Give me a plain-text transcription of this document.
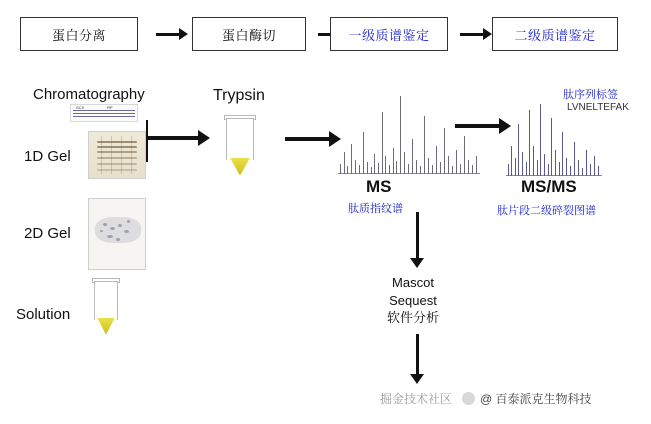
蛋白分离	蛋白酶切	一级质谱鉴定	二级质谱鉴定
Chromatography
SCX	RP
1D Gel
2D Gel
Solution
Trypsin
MS
肽质指纹谱
肽序列标签
LVNELTEFAK
MS/MS
肽片段二级碎裂图谱
Mascot
Sequest
软件分析
掘金技术社区 @ 百泰派克生物科技
